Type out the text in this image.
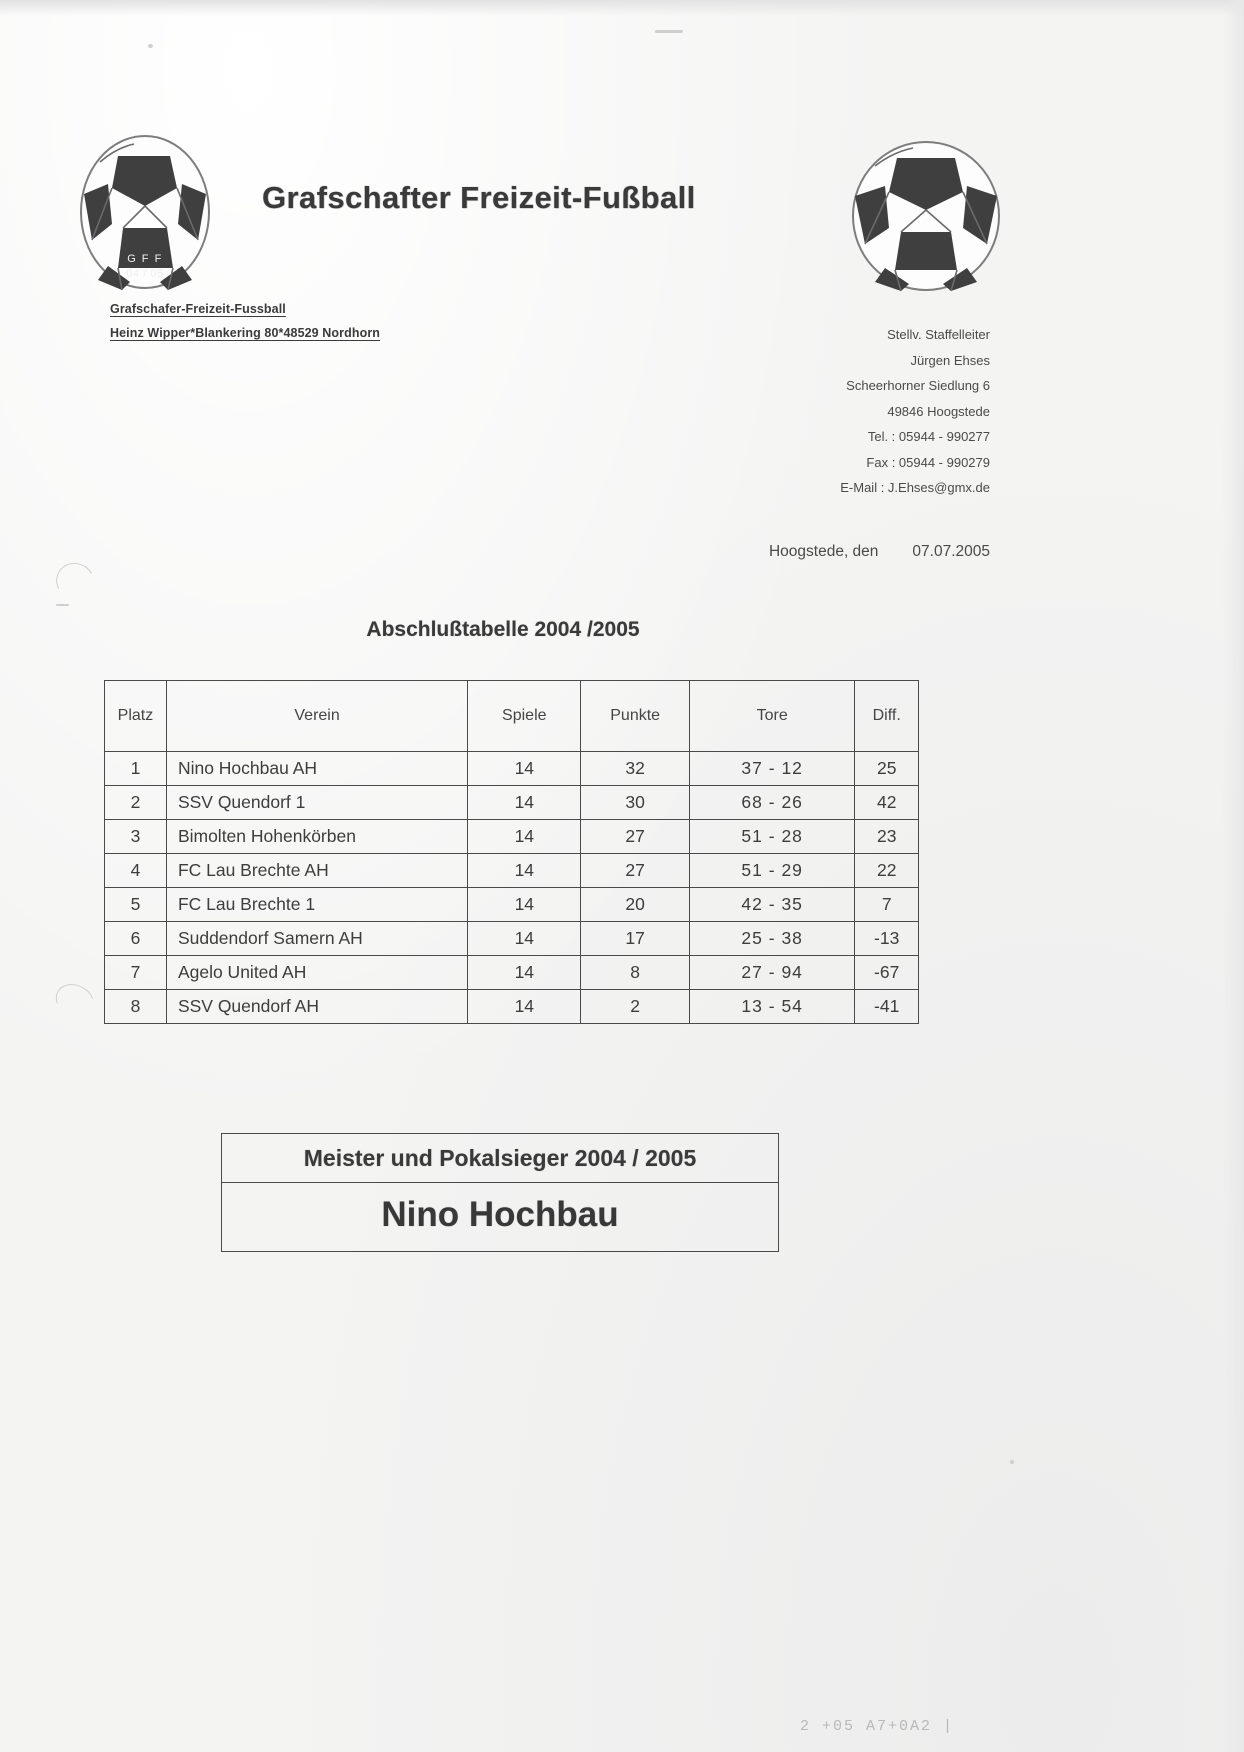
G F F
04 / 05
Grafschafter Freizeit-Fußball
Grafschafer-Freizeit-Fussball
Heinz Wipper*Blankering 80*48529 Nordhorn	Stellv. Staffelleiter
Jürgen Ehses
Scheerhorner Siedlung 6
49846 Hoogstede
Tel. : 05944 - 990277
Fax : 05944 - 990279
E-Mail : J.Ehses@gmx.de
Hoogstede, den 07.07.2005
Abschlußtabelle 2004 /2005
Platz	Verein	Spiele	Punkte	Tore	Diff.
1	Nino Hochbau AH	14	32	37 - 12	25
2	SSV Quendorf 1	14	30	68 - 26	42
3	Bimolten Hohenkörben	14	27	51 - 28	23
4	FC Lau Brechte AH	14	27	51 - 29	22
5	FC Lau Brechte 1	14	20	42 - 35	7
6	Suddendorf Samern AH	14	17	25 - 38	-13
7	Agelo United AH	14	8	27 - 94	-67
8	SSV Quendorf AH	14	2	13 - 54	-41
Meister und Pokalsieger 2004 / 2005
Nino Hochbau
2 +05 A7+0A2 |
